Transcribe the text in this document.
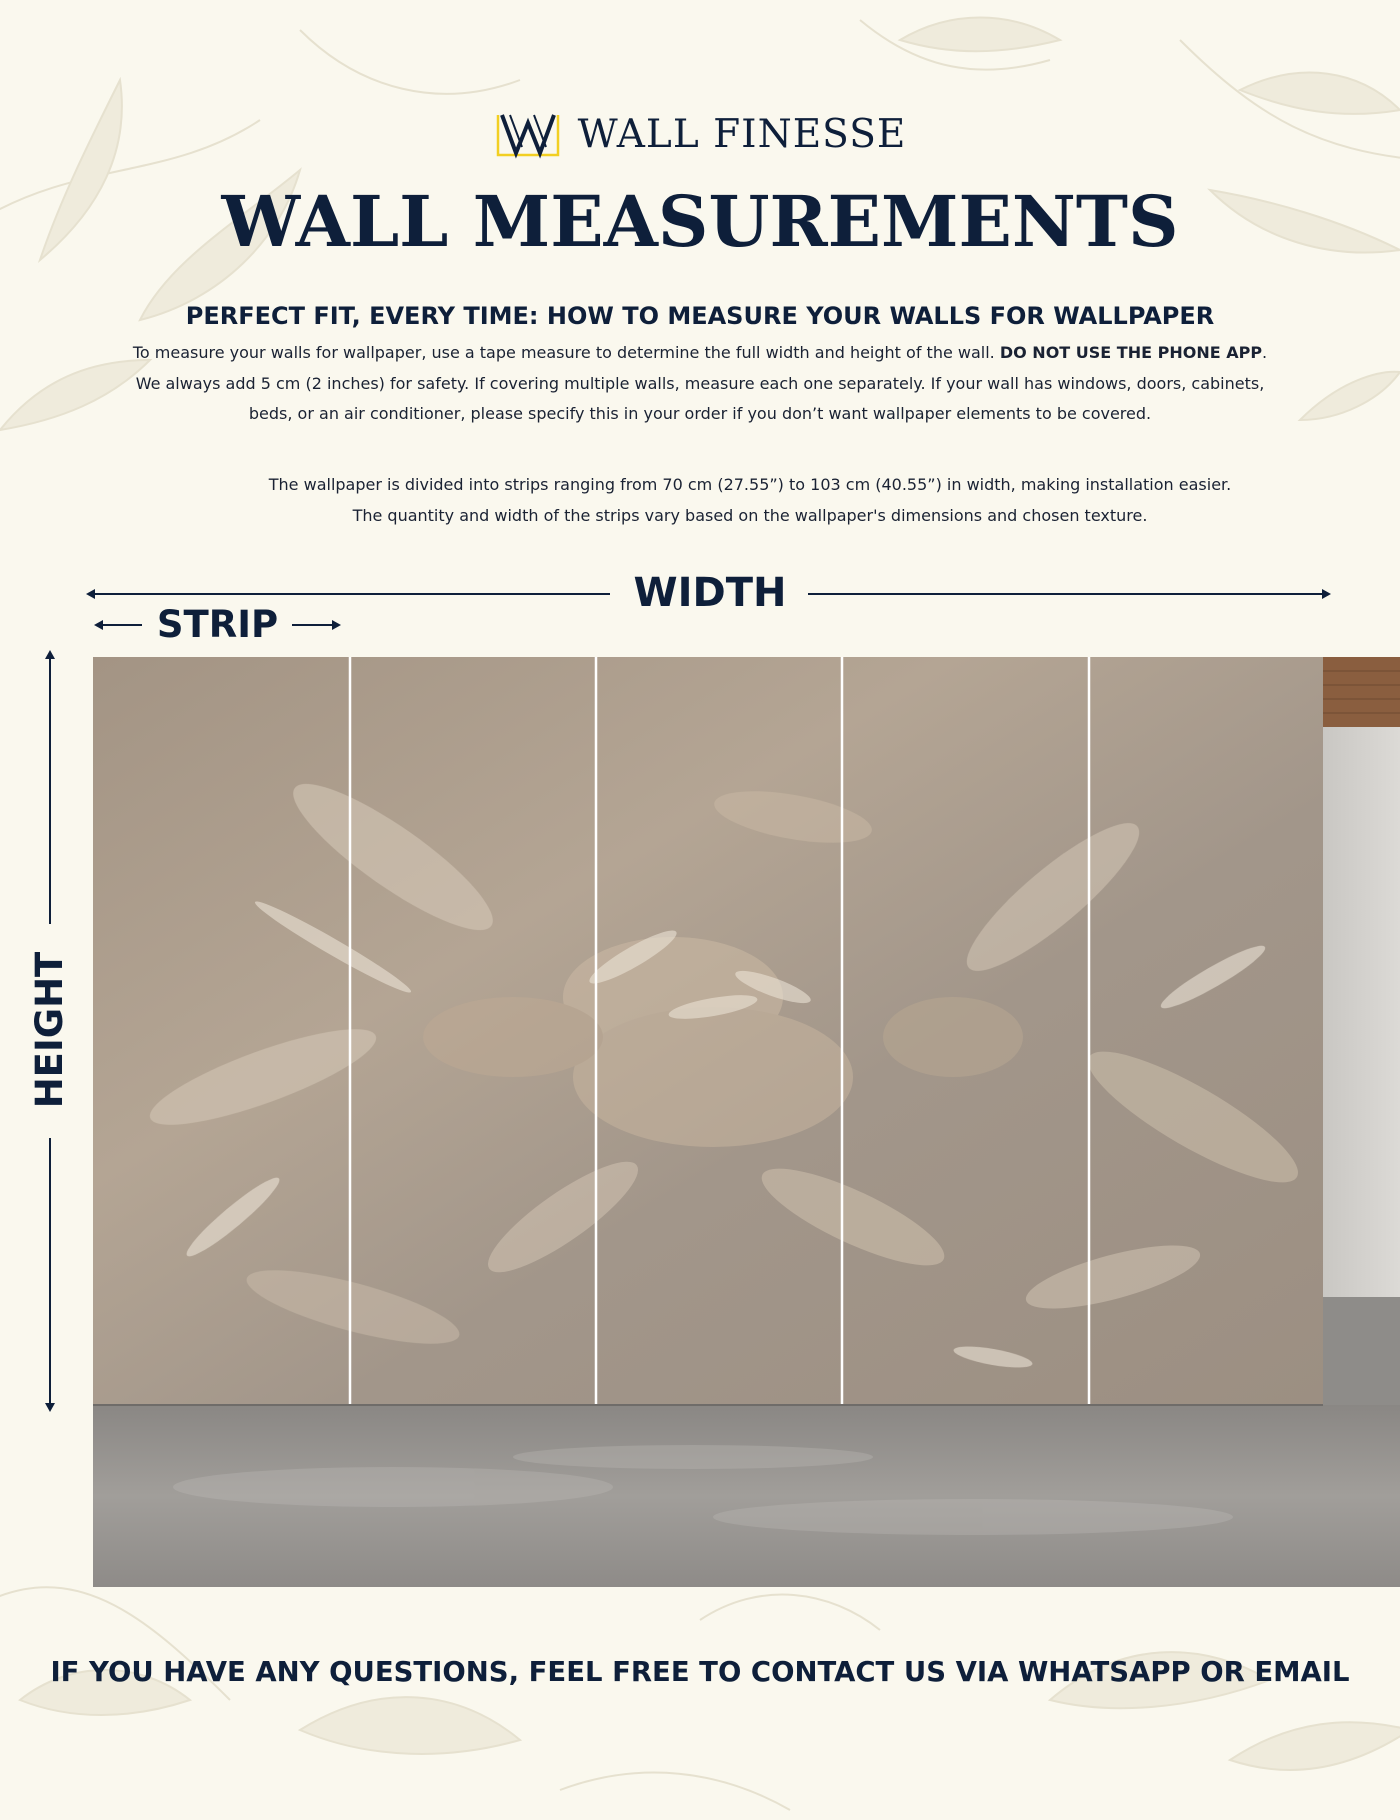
WALL FINESSE
WALL MEASUREMENTS
PERFECT FIT, EVERY TIME: HOW TO MEASURE YOUR WALLS FOR WALLPAPER
To measure your walls for wallpaper, use a tape measure to determine the full width and height of the wall. DO NOT USE THE PHONE APP.
We always add 5 cm (2 inches) for safety. If covering multiple walls, measure each one separately. If your wall has windows, doors, cabinets,
beds, or an air conditioner, please specify this in your order if you don’t want wallpaper elements to be covered.
The wallpaper is divided into strips ranging from 70 cm (27.55”) to 103 cm (40.55”) in width, making installation easier.
The quantity and width of the strips vary based on the wallpaper's dimensions and chosen texture.
WIDTH
STRIP
HEIGHT
IF YOU HAVE ANY QUESTIONS, FEEL FREE TO CONTACT US VIA WHATSAPP OR EMAIL
